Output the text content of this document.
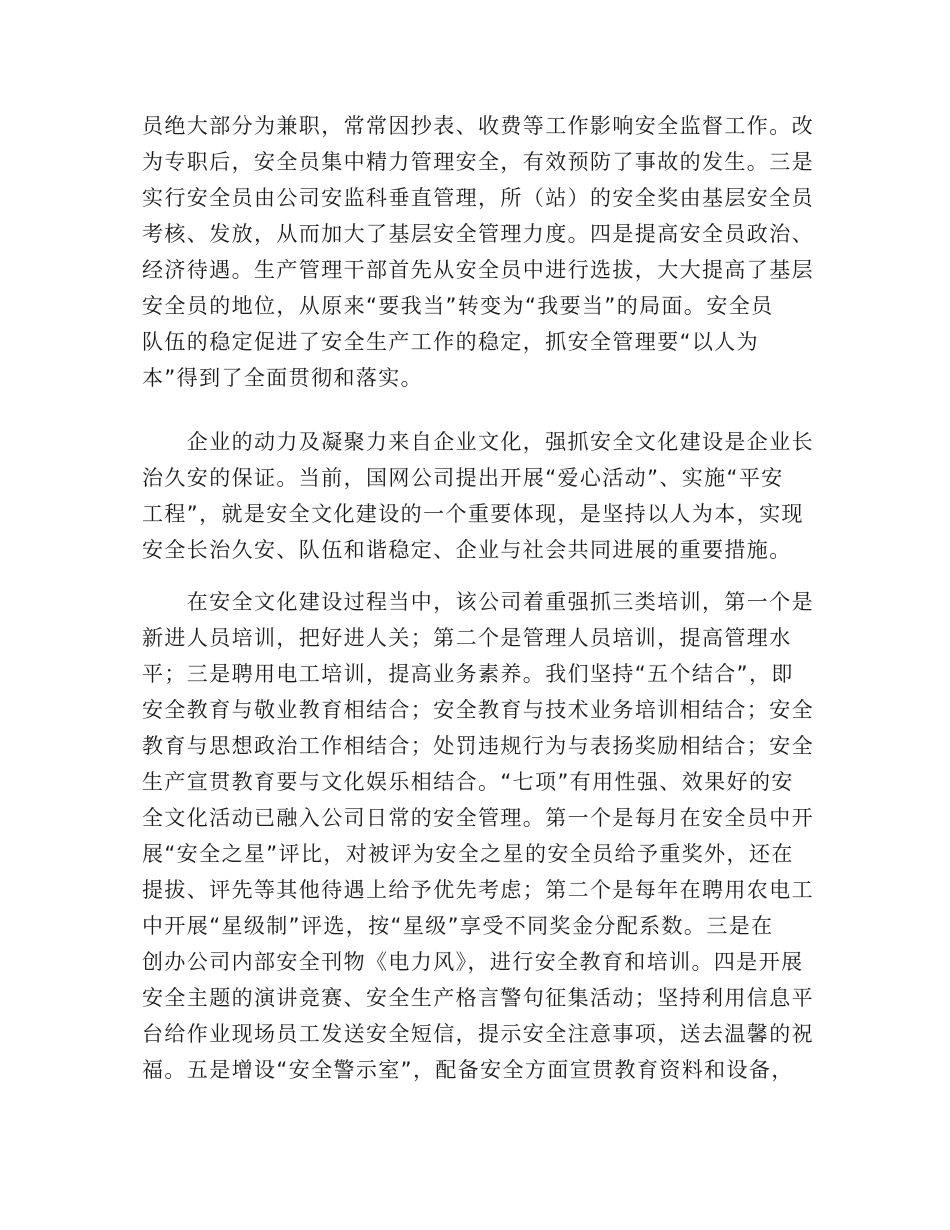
员绝大部分为兼职，常常因抄表、收费等工作影响安全监督工作。改
为专职后，安全员集中精力管理安全，有效预防了事故的发生。三是
实行安全员由公司安监科垂直管理，所（站）的安全奖由基层安全员
考核、发放，从而加大了基层安全管理力度。四是提高安全员政治、
经济待遇。生产管理干部首先从安全员中进行选拔，大大提高了基层
安全员的地位，从原来“要我当”转变为“我要当”的局面。安全员
队伍的稳定促进了安全生产工作的稳定，抓安全管理要“以人为
本”得到了全面贯彻和落实。
　　企业的动力及凝聚力来自企业文化，强抓安全文化建设是企业长
治久安的保证。当前，国网公司提出开展“爱心活动”、实施“平安
工程”，就是安全文化建设的一个重要体现，是坚持以人为本，实现
安全长治久安、队伍和谐稳定、企业与社会共同进展的重要措施。
　　在安全文化建设过程当中，该公司着重强抓三类培训，第一个是
新进人员培训，把好进人关；第二个是管理人员培训，提高管理水
平；三是聘用电工培训，提高业务素养。我们坚持“五个结合”，即
安全教育与敬业教育相结合；安全教育与技术业务培训相结合；安全
教育与思想政治工作相结合；处罚违规行为与表扬奖励相结合；安全
生产宣贯教育要与文化娱乐相结合。“七项”有用性强、效果好的安
全文化活动已融入公司日常的安全管理。第一个是每月在安全员中开
展“安全之星”评比，对被评为安全之星的安全员给予重奖外，还在
提拔、评先等其他待遇上给予优先考虑；第二个是每年在聘用农电工
中开展“星级制”评选，按“星级”享受不同奖金分配系数。三是在
创办公司内部安全刊物《电力风》，进行安全教育和培训。四是开展
安全主题的演讲竞赛、安全生产格言警句征集活动；坚持利用信息平
台给作业现场员工发送安全短信，提示安全注意事项，送去温馨的祝
福。五是增设“安全警示室”，配备安全方面宣贯教育资料和设备，
